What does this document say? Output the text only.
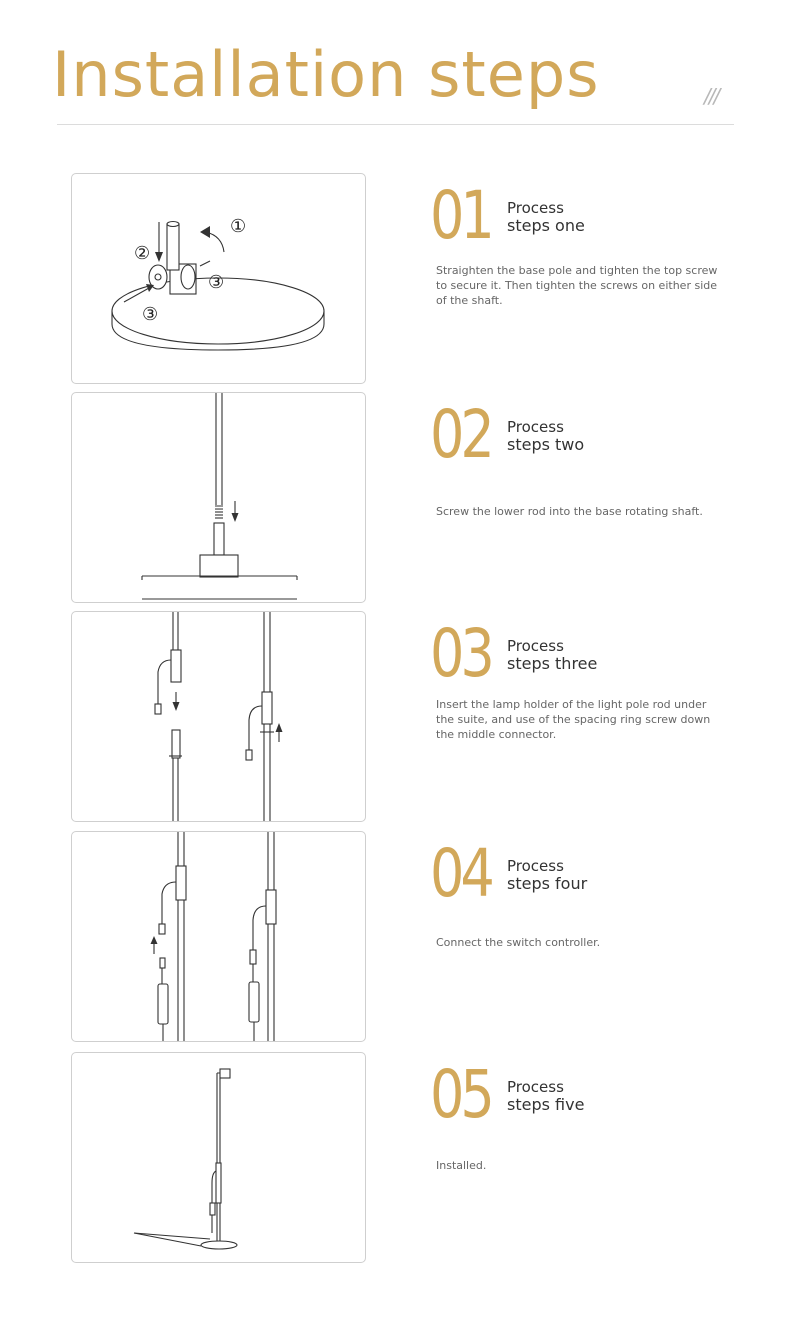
Installation steps	///
①
②
③
③
01 Process
steps one

Straighten the base pole and tighten the top screw to secure it. Then tighten the screws on either side of the shaft.

02 Process
steps two

Screw the lower rod into the base rotating shaft.

03 Process
steps three

Insert the lamp holder of the light pole rod under the suite, and use of the spacing ring screw down the middle connector.

04 Process
steps four

Connect the switch controller.

05 Process
steps five

Installed.
